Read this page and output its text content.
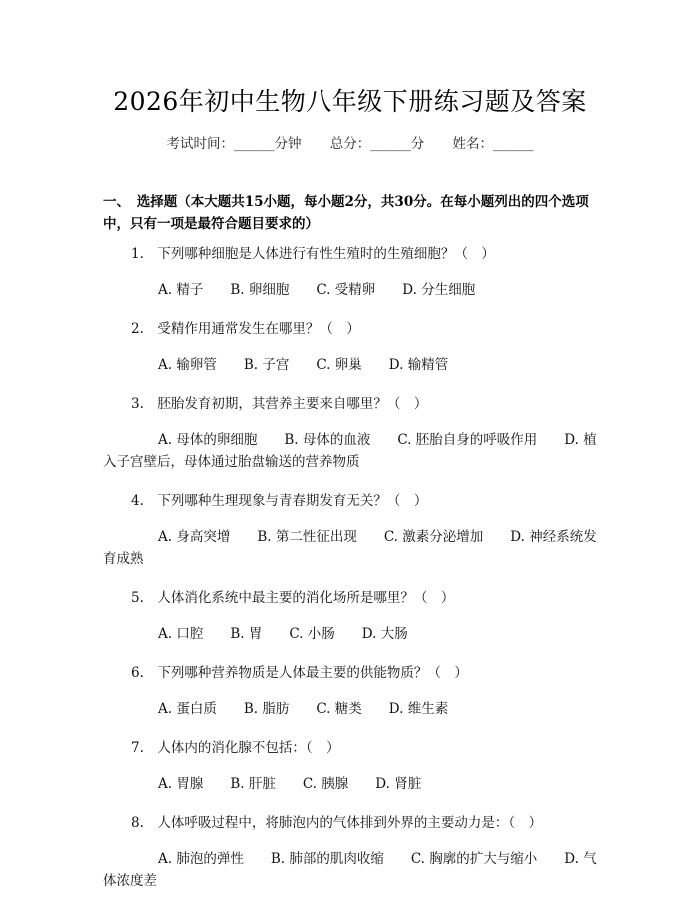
2026年初中生物八年级下册练习题及答案
考试时间：______分钟 总分：______分 姓名：______
一、　选择题（本大题共15小题，每小题2分，共30分。在每小题列出的四个选项中，只有一项是最符合题目要求的）
1.　下列哪种细胞是人体进行有性生殖时的生殖细胞？（　）
A. 精子　　B. 卵细胞　　C. 受精卵　　D. 分生细胞
2.　受精作用通常发生在哪里？（　）
A. 输卵管　　B. 子宫　　C. 卵巢　　D. 输精管
3.　胚胎发育初期，其营养主要来自哪里？（　）
A. 母体的卵细胞　　B. 母体的血液　　C. 胚胎自身的呼吸作用　　D. 植入子宫壁后，母体通过胎盘输送的营养物质
4.　下列哪种生理现象与青春期发育无关？（　）
A. 身高突增　　B. 第二性征出现　　C. 激素分泌增加　　D. 神经系统发育成熟
5.　人体消化系统中最主要的消化场所是哪里？（　）
A. 口腔　　B. 胃　　C. 小肠　　D. 大肠
6.　下列哪种营养物质是人体最主要的供能物质？（　）
A. 蛋白质　　B. 脂肪　　C. 糖类　　D. 维生素
7.　人体内的消化腺不包括：（　）
A. 胃腺　　B. 肝脏　　C. 胰腺　　D. 肾脏
8.　人体呼吸过程中，将肺泡内的气体排到外界的主要动力是：（　）
A. 肺泡的弹性　　B. 肺部的肌肉收缩　　C. 胸廓的扩大与缩小　　D. 气体浓度差
